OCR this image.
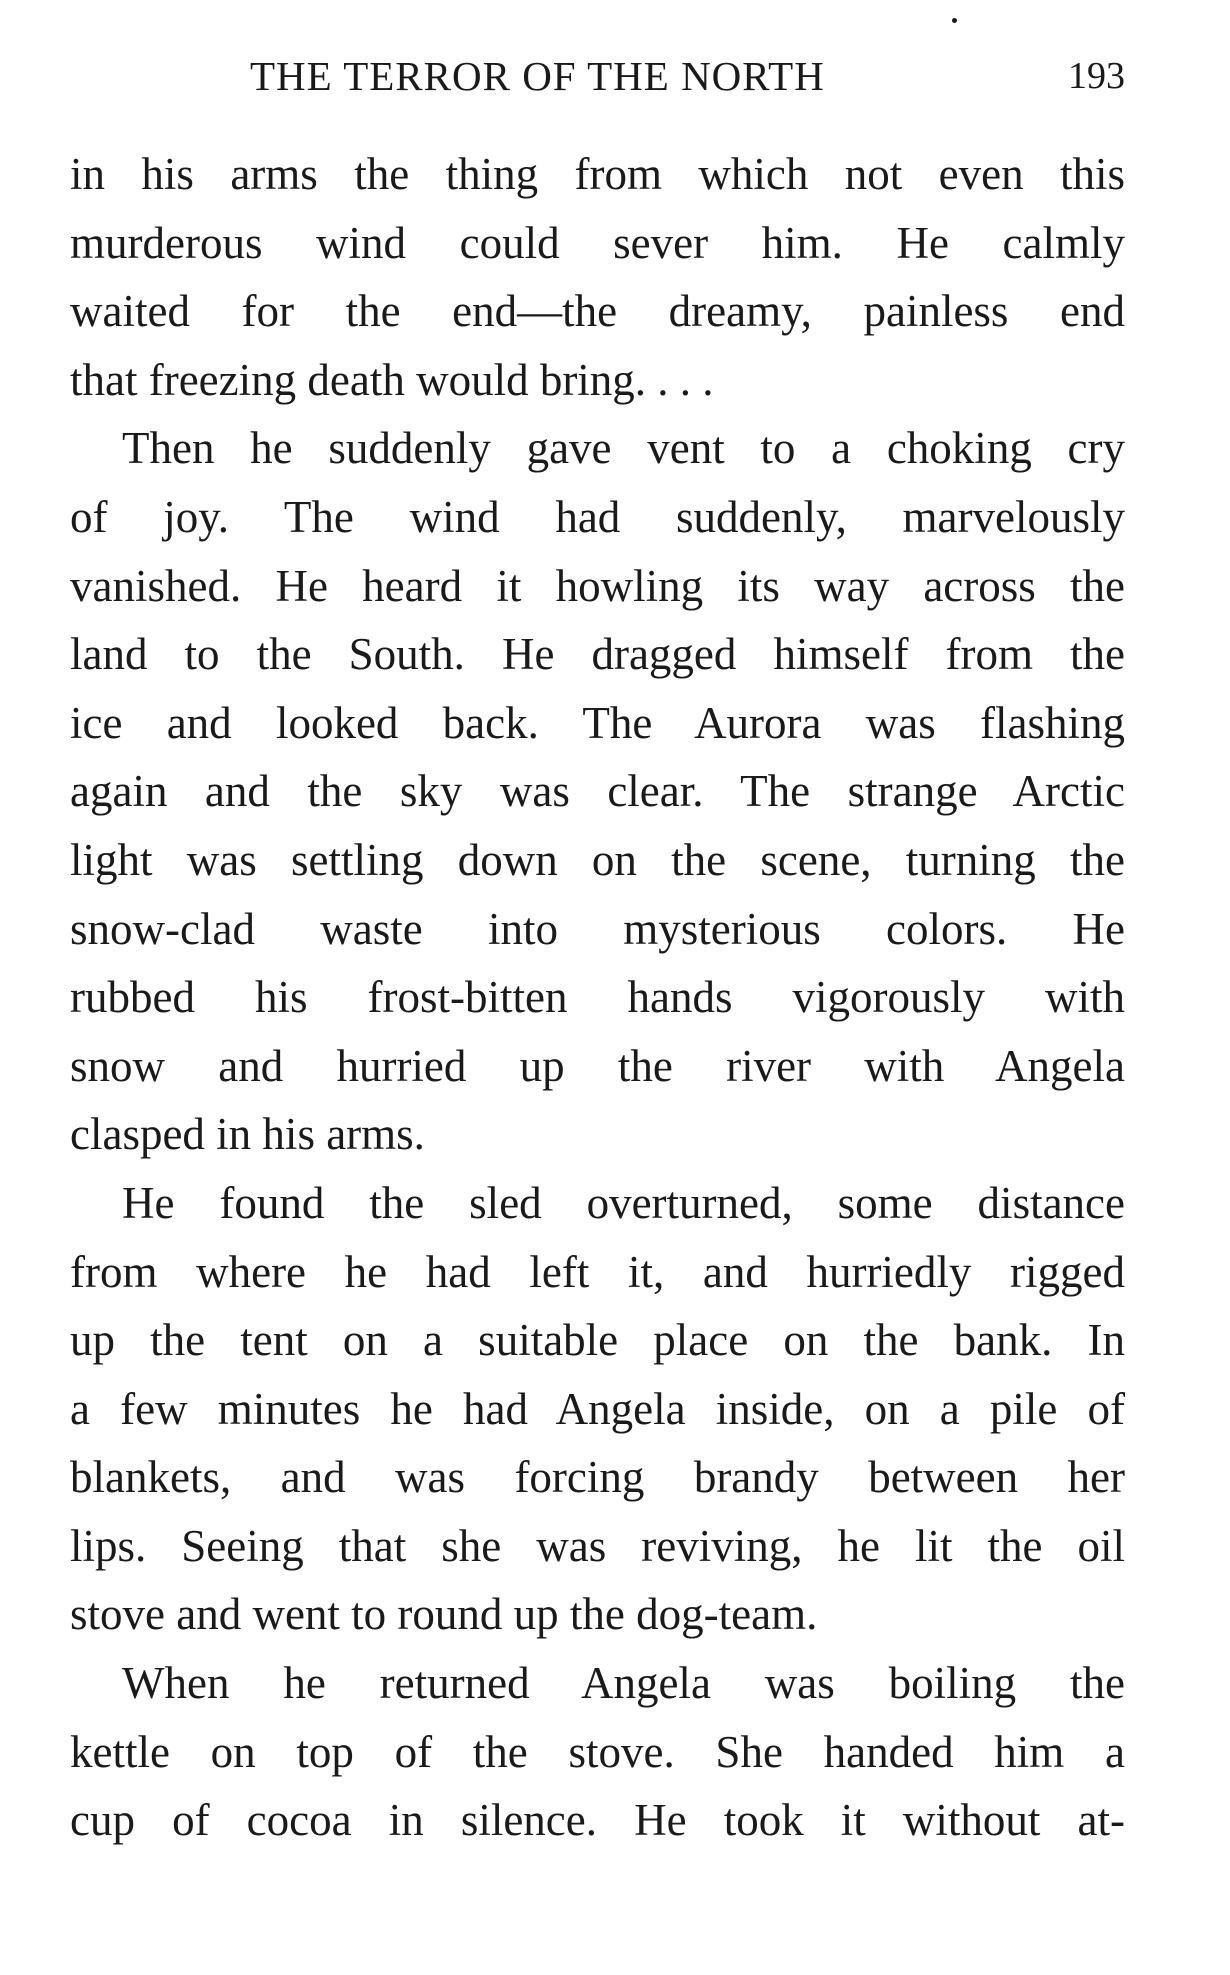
THE TERROR OF THE NORTH	193
in his arms the thing from which not even this
murderous wind could sever him. He calmly
waited for the end—the dreamy, painless end
that freezing death would bring. . . .
Then he suddenly gave vent to a choking cry
of joy. The wind had suddenly, marvelously
vanished. He heard it howling its way across the
land to the South. He dragged himself from the
ice and looked back. The Aurora was flashing
again and the sky was clear. The strange Arctic
light was settling down on the scene, turning the
snow-clad waste into mysterious colors. He
rubbed his frost-bitten hands vigorously with
snow and hurried up the river with Angela
clasped in his arms.
He found the sled overturned, some distance
from where he had left it, and hurriedly rigged
up the tent on a suitable place on the bank. In
a few minutes he had Angela inside, on a pile of
blankets, and was forcing brandy between her
lips. Seeing that she was reviving, he lit the oil
stove and went to round up the dog-team.
When he returned Angela was boiling the
kettle on top of the stove. She handed him a
cup of cocoa in silence. He took it without at-
